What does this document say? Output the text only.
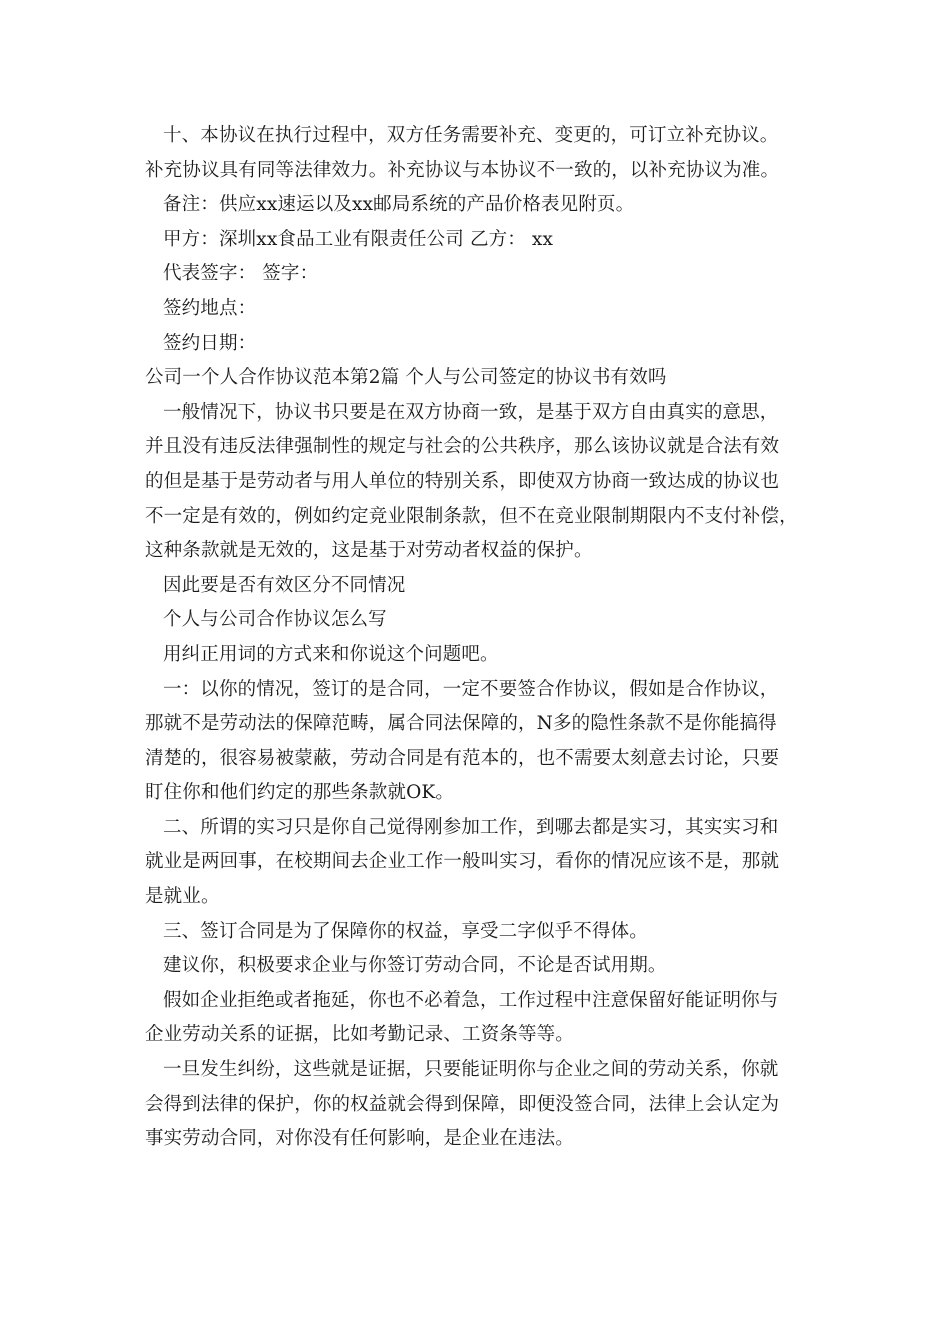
十、本协议在执行过程中，双方任务需要补充、变更的，可订立补充协议。
补充协议具有同等法律效力。补充协议与本协议不一致的，以补充协议为准。
备注：供应xx速运以及xx邮局系统的产品价格表见附页。
甲方：深圳xx食品工业有限责任公司 乙方： xx
代表签字： 签字：
签约地点：
签约日期：
公司一个人合作协议范本第2篇 个人与公司签定的协议书有效吗
一般情况下，协议书只要是在双方协商一致，是基于双方自由真实的意思，
并且没有违反法律强制性的规定与社会的公共秩序，那么该协议就是合法有效
的但是基于是劳动者与用人单位的特别关系，即使双方协商一致达成的协议也
不一定是有效的，例如约定竞业限制条款，但不在竞业限制期限内不支付补偿，
这种条款就是无效的，这是基于对劳动者权益的保护。
因此要是否有效区分不同情况
个人与公司合作协议怎么写
用纠正用词的方式来和你说这个问题吧。
一：以你的情况，签订的是合同，一定不要签合作协议，假如是合作协议，
那就不是劳动法的保障范畴，属合同法保障的，N多的隐性条款不是你能搞得
清楚的，很容易被蒙蔽，劳动合同是有范本的，也不需要太刻意去讨论，只要
盯住你和他们约定的那些条款就OK。
二、所谓的实习只是你自己觉得刚参加工作，到哪去都是实习，其实实习和
就业是两回事，在校期间去企业工作一般叫实习，看你的情况应该不是，那就
是就业。
三、签订合同是为了保障你的权益，享受二字似乎不得体。
建议你，积极要求企业与你签订劳动合同，不论是否试用期。
假如企业拒绝或者拖延，你也不必着急，工作过程中注意保留好能证明你与
企业劳动关系的证据，比如考勤记录、工资条等等。
一旦发生纠纷，这些就是证据，只要能证明你与企业之间的劳动关系，你就
会得到法律的保护，你的权益就会得到保障，即便没签合同，法律上会认定为
事实劳动合同，对你没有任何影响，是企业在违法。
